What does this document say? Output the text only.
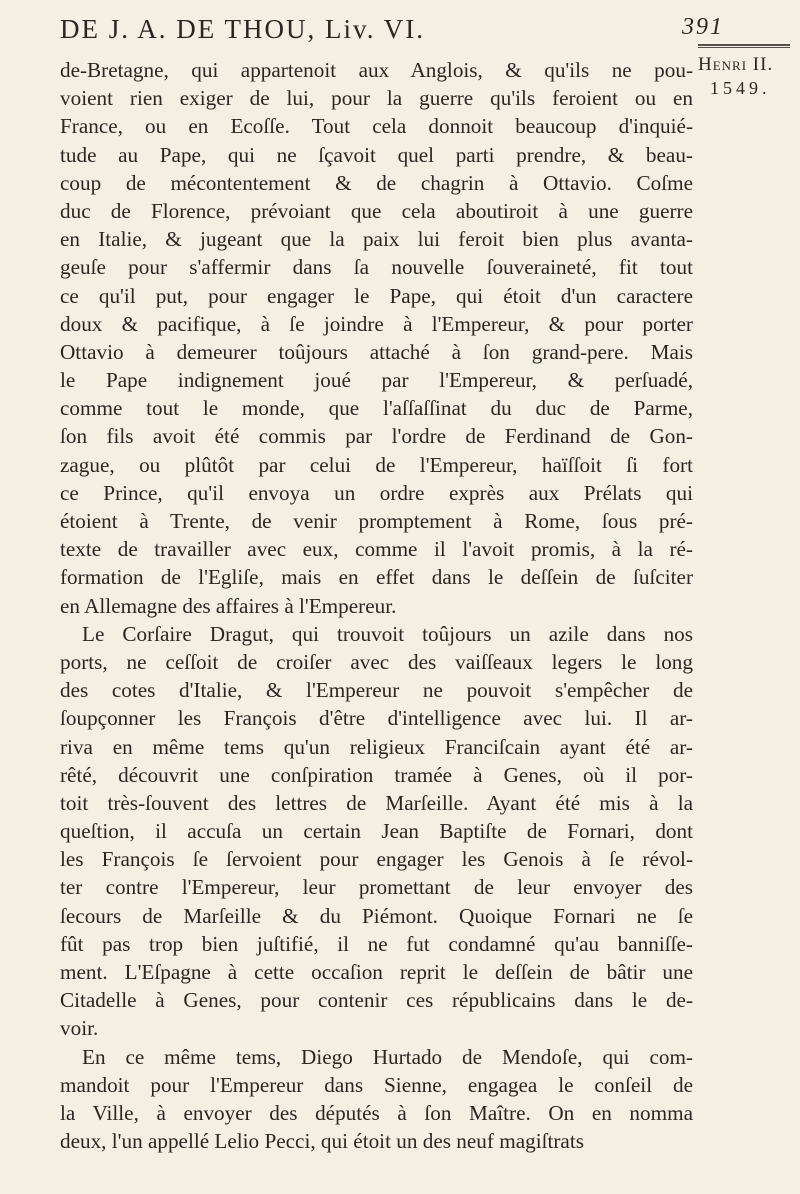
DE J. A. DE THOU, Liv. VI.	391
Henri II.
1549.
de-Bretagne, qui appartenoit aux Anglois, & qu'ils ne pou-
voient rien exiger de lui, pour la guerre qu'ils feroient ou en
France, ou en Ecoſſe. Tout cela donnoit beaucoup d'inquié-
tude au Pape, qui ne ſçavoit quel parti prendre, & beau-
coup de mécontentement & de chagrin à Ottavio. Coſme
duc de Florence, prévoiant que cela aboutiroit à une guerre
en Italie, & jugeant que la paix lui feroit bien plus avanta-
geuſe pour s'affermir dans ſa nouvelle ſouveraineté, fit tout
ce qu'il put, pour engager le Pape, qui étoit d'un caractere
doux & pacifique, à ſe joindre à l'Empereur, & pour porter
Ottavio à demeurer toûjours attaché à ſon grand-pere. Mais
le Pape indignement joué par l'Empereur, & perſuadé,
comme tout le monde, que l'aſſaſſinat du duc de Parme,
ſon fils avoit été commis par l'ordre de Ferdinand de Gon-
zague, ou plûtôt par celui de l'Empereur, haïſſoit ſi fort
ce Prince, qu'il envoya un ordre exprès aux Prélats qui
étoient à Trente, de venir promptement à Rome, ſous pré-
texte de travailler avec eux, comme il l'avoit promis, à la ré-
formation de l'Egliſe, mais en effet dans le deſſein de ſuſciter
en Allemagne des affaires à l'Empereur.
Le Corſaire Dragut, qui trouvoit toûjours un azile dans nos
ports, ne ceſſoit de croiſer avec des vaiſſeaux legers le long
des cotes d'Italie, & l'Empereur ne pouvoit s'empêcher de
ſoupçonner les François d'être d'intelligence avec lui. Il ar-
riva en même tems qu'un religieux Franciſcain ayant été ar-
rêté, découvrit une conſpiration tramée à Genes, où il por-
toit très-ſouvent des lettres de Marſeille. Ayant été mis à la
queſtion, il accuſa un certain Jean Baptiſte de Fornari, dont
les François ſe ſervoient pour engager les Genois à ſe révol-
ter contre l'Empereur, leur promettant de leur envoyer des
ſecours de Marſeille & du Piémont. Quoique Fornari ne ſe
fût pas trop bien juſtifié, il ne fut condamné qu'au banniſſe-
ment. L'Eſpagne à cette occaſion reprit le deſſein de bâtir une
Citadelle à Genes, pour contenir ces républicains dans le de-
voir.
En ce même tems, Diego Hurtado de Mendoſe, qui com-
mandoit pour l'Empereur dans Sienne, engagea le conſeil de
la Ville, à envoyer des députés à ſon Maître. On en nomma
deux, l'un appellé Lelio Pecci, qui étoit un des neuf magiſtrats
